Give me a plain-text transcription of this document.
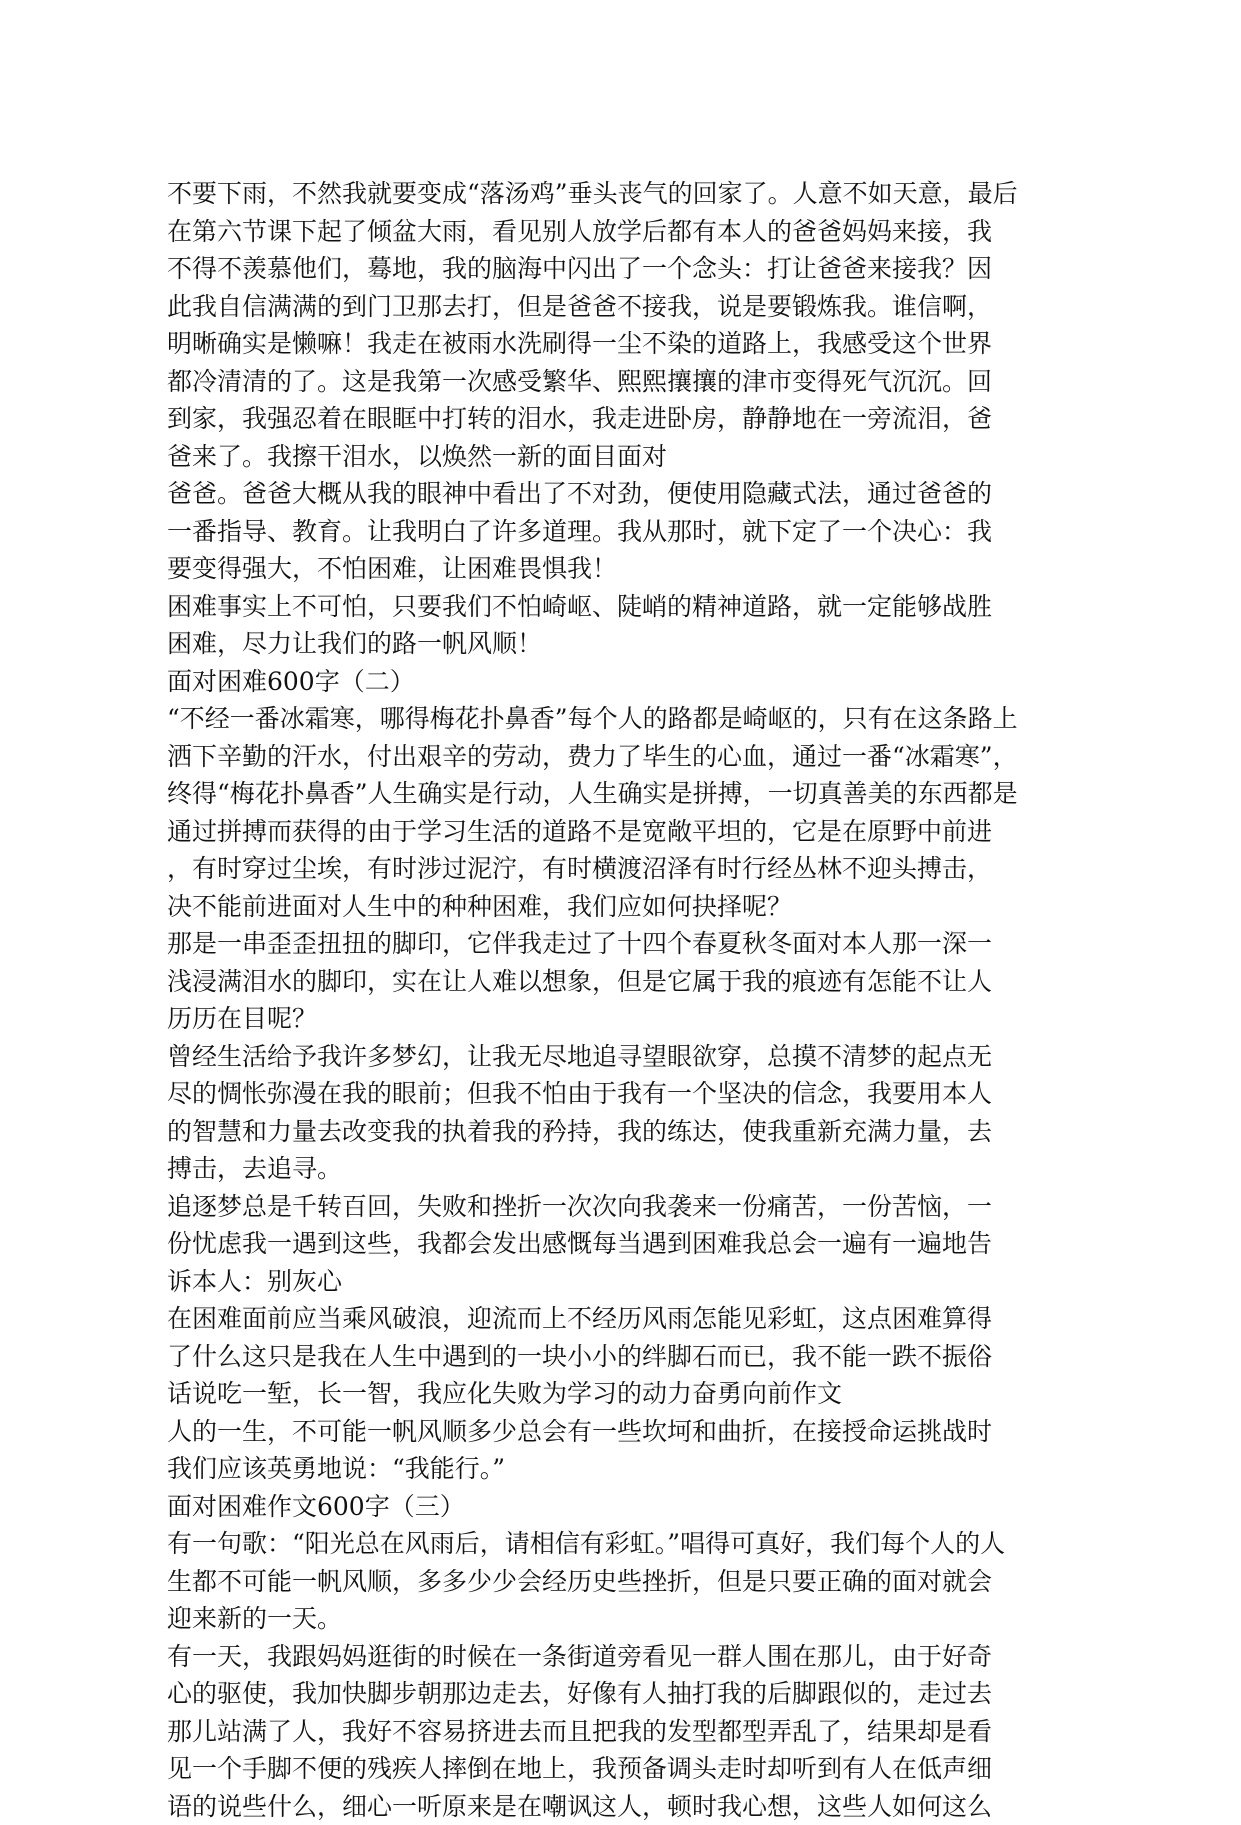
不要下雨，不然我就要变成“落汤鸡”垂头丧气的回家了。人意不如天意，最后
在第六节课下起了倾盆大雨，看见别人放学后都有本人的爸爸妈妈来接，我
不得不羡慕他们，蓦地，我的脑海中闪出了一个念头：打让爸爸来接我？因
此我自信满满的到门卫那去打，但是爸爸不接我，说是要锻炼我。谁信啊，
明晰确实是懒嘛！我走在被雨水洗刷得一尘不染的道路上，我感受这个世界
都冷清清的了。这是我第一次感受繁华、熙熙攘攘的津市变得死气沉沉。回
到家，我强忍着在眼眶中打转的泪水，我走进卧房，静静地在一旁流泪，爸
爸来了。我擦干泪水，以焕然一新的面目面对
爸爸。爸爸大概从我的眼神中看出了不对劲，便使用隐藏式法，通过爸爸的
一番指导、教育。让我明白了许多道理。我从那时，就下定了一个决心：我
要变得强大，不怕困难，让困难畏惧我！
困难事实上不可怕，只要我们不怕崎岖、陡峭的精神道路，就一定能够战胜
困难，尽力让我们的路一帆风顺！
面对困难600字（二）
“不经一番冰霜寒，哪得梅花扑鼻香”每个人的路都是崎岖的，只有在这条路上
洒下辛勤的汗水，付出艰辛的劳动，费力了毕生的心血，通过一番“冰霜寒”，
终得“梅花扑鼻香”人生确实是行动，人生确实是拼搏，一切真善美的东西都是
通过拼搏而获得的由于学习生活的道路不是宽敞平坦的，它是在原野中前进
，有时穿过尘埃，有时涉过泥泞，有时横渡沼泽有时行经丛林不迎头搏击，
决不能前进面对人生中的种种困难，我们应如何抉择呢？
那是一串歪歪扭扭的脚印，它伴我走过了十四个春夏秋冬面对本人那一深一
浅浸满泪水的脚印，实在让人难以想象，但是它属于我的痕迹有怎能不让人
历历在目呢？
曾经生活给予我许多梦幻，让我无尽地追寻望眼欲穿，总摸不清梦的起点无
尽的惆怅弥漫在我的眼前；但我不怕由于我有一个坚决的信念，我要用本人
的智慧和力量去改变我的执着我的矜持，我的练达，使我重新充满力量，去
搏击，去追寻。
追逐梦总是千转百回，失败和挫折一次次向我袭来一份痛苦，一份苦恼，一
份忧虑我一遇到这些，我都会发出感慨每当遇到困难我总会一遍有一遍地告
诉本人：别灰心
在困难面前应当乘风破浪，迎流而上不经历风雨怎能见彩虹，这点困难算得
了什么这只是我在人生中遇到的一块小小的绊脚石而已，我不能一跌不振俗
话说吃一堑，长一智，我应化失败为学习的动力奋勇向前作文
人的一生，不可能一帆风顺多少总会有一些坎坷和曲折，在接授命运挑战时
我们应该英勇地说：“我能行。”
面对困难作文600字（三）
有一句歌：“阳光总在风雨后，请相信有彩虹。”唱得可真好，我们每个人的人
生都不可能一帆风顺，多多少少会经历史些挫折，但是只要正确的面对就会
迎来新的一天。
有一天，我跟妈妈逛街的时候在一条街道旁看见一群人围在那儿，由于好奇
心的驱使，我加快脚步朝那边走去，好像有人抽打我的后脚跟似的，走过去
那儿站满了人，我好不容易挤进去而且把我的发型都型弄乱了，结果却是看
见一个手脚不便的残疾人摔倒在地上，我预备调头走时却听到有人在低声细
语的说些什么，细心一听原来是在嘲讽这人，顿时我心想，这些人如何这么
